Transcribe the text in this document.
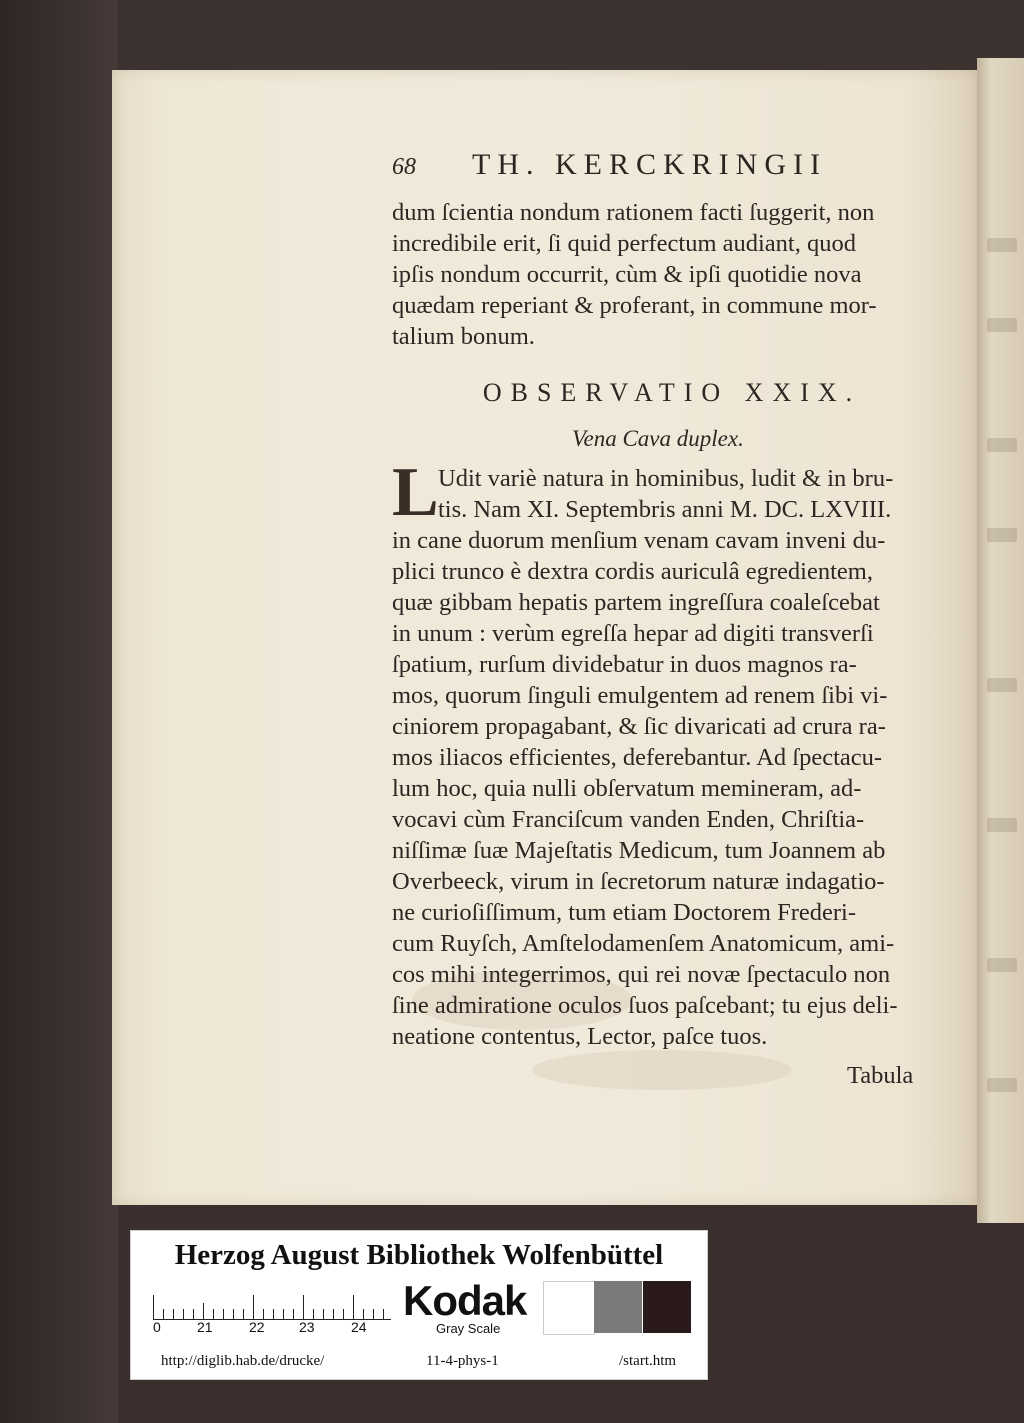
68 TH. KERCKRINGII
dum ſcientia nondum rationem facti ſuggerit, non
incredibile erit, ſi quid perfectum audiant, quod
ipſis nondum occurrit, cùm & ipſi quotidie nova
quædam reperiant & proferant, in commune mor-
talium bonum.
OBSERVATIO XXIX.
Vena Cava duplex.
L Udit variè natura in hominibus, ludit & in bru-
tis. Nam XI. Septembris anni M. DC. LXVIII.
in cane duorum menſium venam cavam inveni du-
plici trunco è dextra cordis auriculâ egredientem,
quæ gibbam hepatis partem ingreſſura coaleſcebat
in unum : verùm egreſſa hepar ad digiti transverſi
ſpatium, rurſum dividebatur in duos magnos ra-
mos, quorum ſinguli emulgentem ad renem ſibi vi-
ciniorem propagabant, & ſic divaricati ad crura ra-
mos iliacos efficientes, deferebantur. Ad ſpectacu-
lum hoc, quia nulli obſervatum memineram, ad-
vocavi cùm Franciſcum vanden Enden, Chriſtia-
niſſimæ ſuæ Majeſtatis Medicum, tum Joannem ab
Overbeeck, virum in ſecretorum naturæ indagatio-
ne curioſiſſimum, tum etiam Doctorem Frederi-
cum Ruyſch, Amſtelodamenſem Anatomicum, ami-
cos mihi integerrimos, qui rei novæ ſpectaculo non
ſine admiratione oculos ſuos paſcebant; tu ejus deli-
neatione contentus, Lector, paſce tuos.
Tabula
Herzog August Bibliothek Wolfenbüttel
0	21	22 23	24
Kodak
Gray Scale
http://diglib.hab.de/drucke/	11-4-phys-1	/start.htm
